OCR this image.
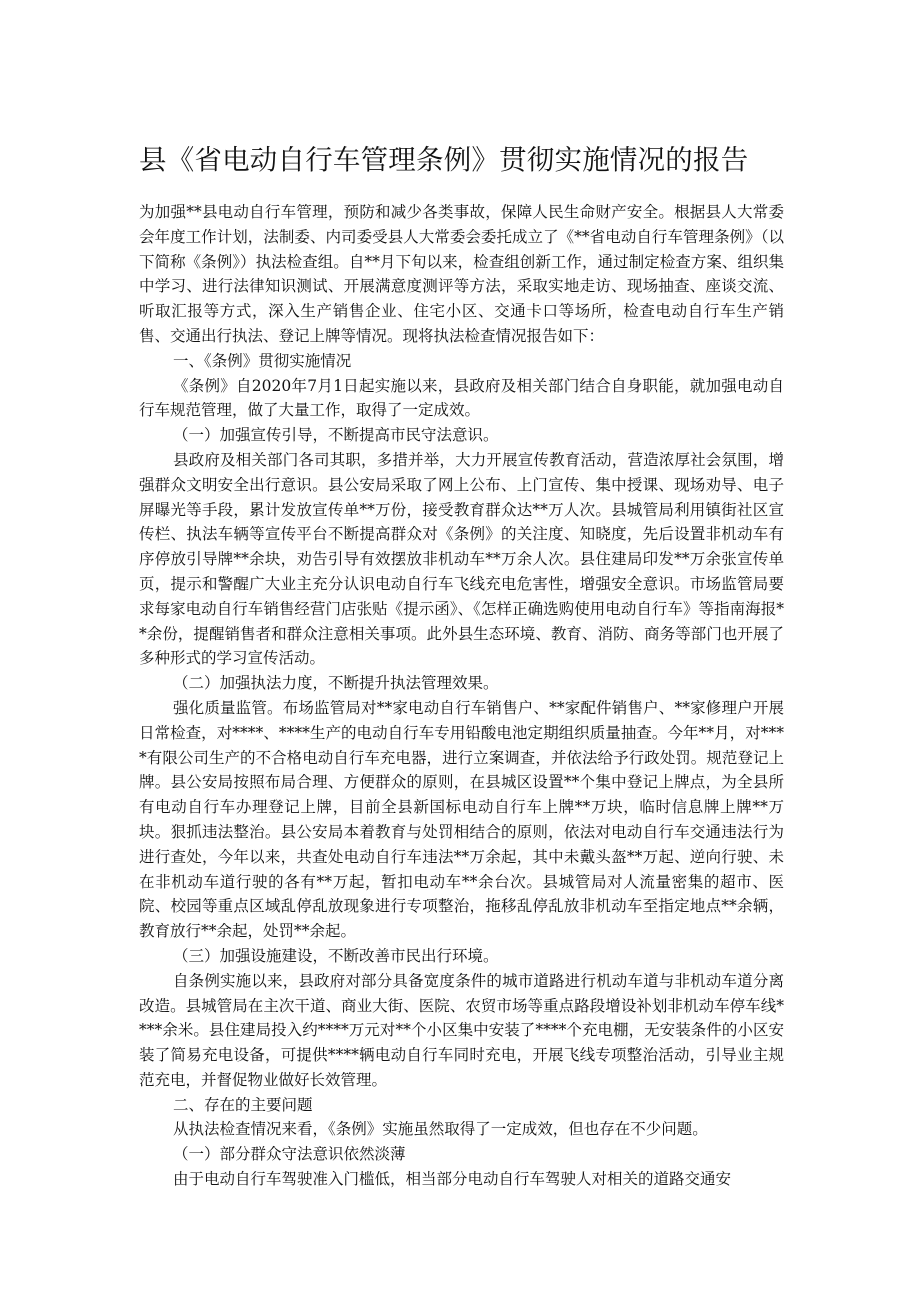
县《省电动自行车管理条例》贯彻实施情况的报告

为加强**县电动自行车管理，预防和减少各类事故，保障人民生命财产安全。根据县人大常委会年度工作计划，法制委、内司委受县人大常委会委托成立了《**省电动自行车管理条例》（以下简称《条例》）执法检查组。自**月下旬以来，检查组创新工作，通过制定检查方案、组织集中学习、进行法律知识测试、开展满意度测评等方法，采取实地走访、现场抽查、座谈交流、听取汇报等方式，深入生产销售企业、住宅小区、交通卡口等场所，检查电动自行车生产销售、交通出行执法、登记上牌等情况。现将执法检查情况报告如下：

一、《条例》贯彻实施情况

《条例》自2020年7月1日起实施以来，县政府及相关部门结合自身职能，就加强电动自行车规范管理，做了大量工作，取得了一定成效。

（一）加强宣传引导，不断提高市民守法意识。

县政府及相关部门各司其职，多措并举，大力开展宣传教育活动，营造浓厚社会氛围，增强群众文明安全出行意识。县公安局采取了网上公布、上门宣传、集中授课、现场劝导、电子屏曝光等手段，累计发放宣传单**万份，接受教育群众达**万人次。县城管局利用镇街社区宣传栏、执法车辆等宣传平台不断提高群众对《条例》的关注度、知晓度，先后设置非机动车有序停放引导牌**余块，劝告引导有效摆放非机动车**万余人次。县住建局印发**万余张宣传单页，提示和警醒广大业主充分认识电动自行车飞线充电危害性，增强安全意识。市场监管局要求每家电动自行车销售经营门店张贴《提示函》、《怎样正确选购使用电动自行车》等指南海报**余份，提醒销售者和群众注意相关事项。此外县生态环境、教育、消防、商务等部门也开展了多种形式的学习宣传活动。

（二）加强执法力度，不断提升执法管理效果。

强化质量监管。布场监管局对**家电动自行车销售户、**家配件销售户、**家修理户开展日常检查，对****、****生产的电动自行车专用铅酸电池定期组织质量抽查。今年**月，对****有限公司生产的不合格电动自行车充电器，进行立案调查，并依法给予行政处罚。规范登记上牌。县公安局按照布局合理、方便群众的原则，在县城区设置**个集中登记上牌点，为全县所有电动自行车办理登记上牌，目前全县新国标电动自行车上牌**万块，临时信息牌上牌**万块。狠抓违法整治。县公安局本着教育与处罚相结合的原则，依法对电动自行车交通违法行为进行查处，今年以来，共查处电动自行车违法**万余起，其中未戴头盔**万起、逆向行驶、未在非机动车道行驶的各有**万起，暂扣电动车**余台次。县城管局对人流量密集的超市、医院、校园等重点区域乱停乱放现象进行专项整治，拖移乱停乱放非机动车至指定地点**余辆，教育放行**余起，处罚**余起。

（三）加强设施建设，不断改善市民出行环境。

自条例实施以来，县政府对部分具备宽度条件的城市道路进行机动车道与非机动车道分离改造。县城管局在主次干道、商业大街、医院、农贸市场等重点路段增设补划非机动车停车线****余米。县住建局投入约****万元对**个小区集中安装了****个充电棚，无安装条件的小区安装了简易充电设备，可提供****辆电动自行车同时充电，开展飞线专项整治活动，引导业主规范充电，并督促物业做好长效管理。

二、存在的主要问题

从执法检查情况来看，《条例》实施虽然取得了一定成效，但也存在不少问题。

（一）部分群众守法意识依然淡薄

由于电动自行车驾驶准入门槛低，相当部分电动自行车驾驶人对相关的道路交通安
